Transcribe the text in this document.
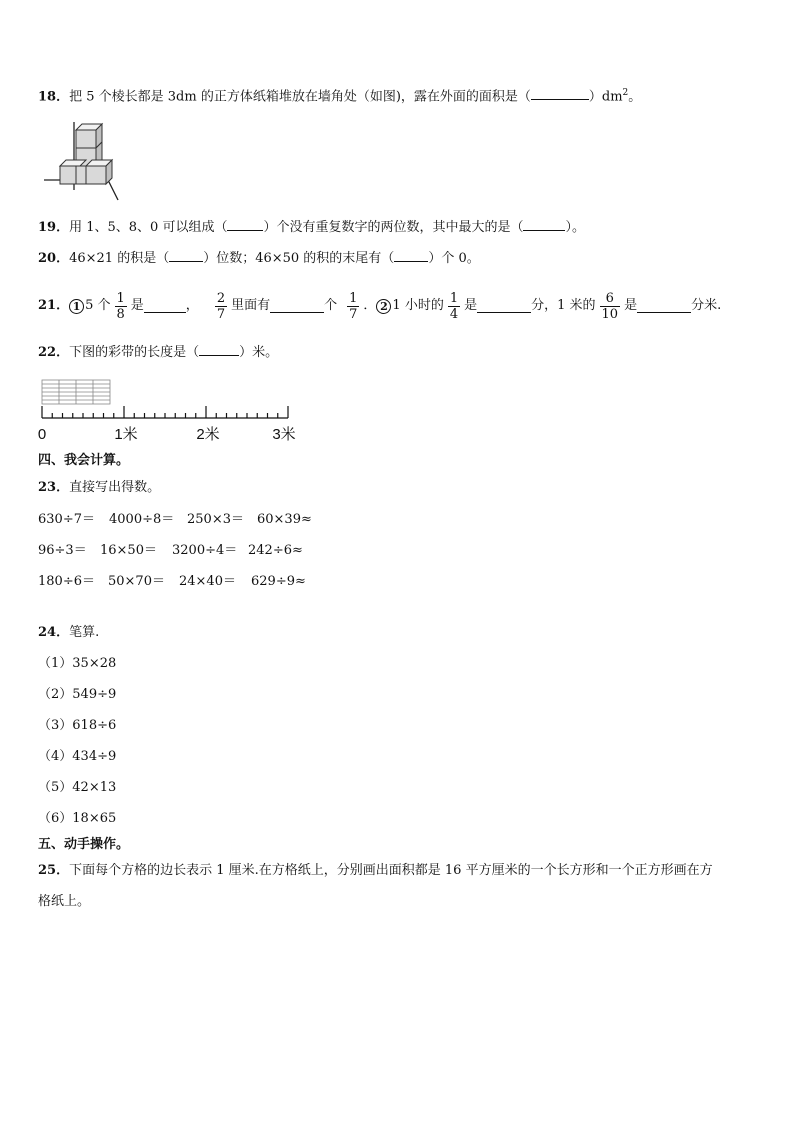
18．把 5 个棱长都是 3dm 的正方体纸箱堆放在墙角处（如图)，露在外面的面积是（	）$dm^2$。
19．用 1、5、8、0 可以组成（	）个没有重复数字的两位数，其中最大的是（	）。
20．46×21 的积是（	）位数；46×50 的积的末尾有（	）个 0。
21． 1 5 个 $\frac{1}{8}$ 是	， $\frac{2}{7}$ 里面有	个 $\frac{1}{7}$ ． 2 1 小时的 $\frac{1}{4}$ 是	分，1 米的 $\frac{6}{10}$ 是	分米.
22．下图的彩带的长度是（	）米。
0	1米	2米	3米
四、我会计算。
23．直接写出得数。
630÷7＝ 4000÷8＝ 250×3＝ 60×39≈
96÷3＝ 16×50＝ 3200÷4＝ 242÷6≈
180÷6＝ 50×70＝ 24×40＝ 629÷9≈
24．笔算.
（1）35×28
（2）549÷9
（3）618÷6
（4）434÷9
（5）42×13
（6）18×65
五、动手操作。
25．下面每个方格的边长表示 1 厘米.在方格纸上，分别画出面积都是 16 平方厘米的一个长方形和一个正方形画在方
格纸上。
